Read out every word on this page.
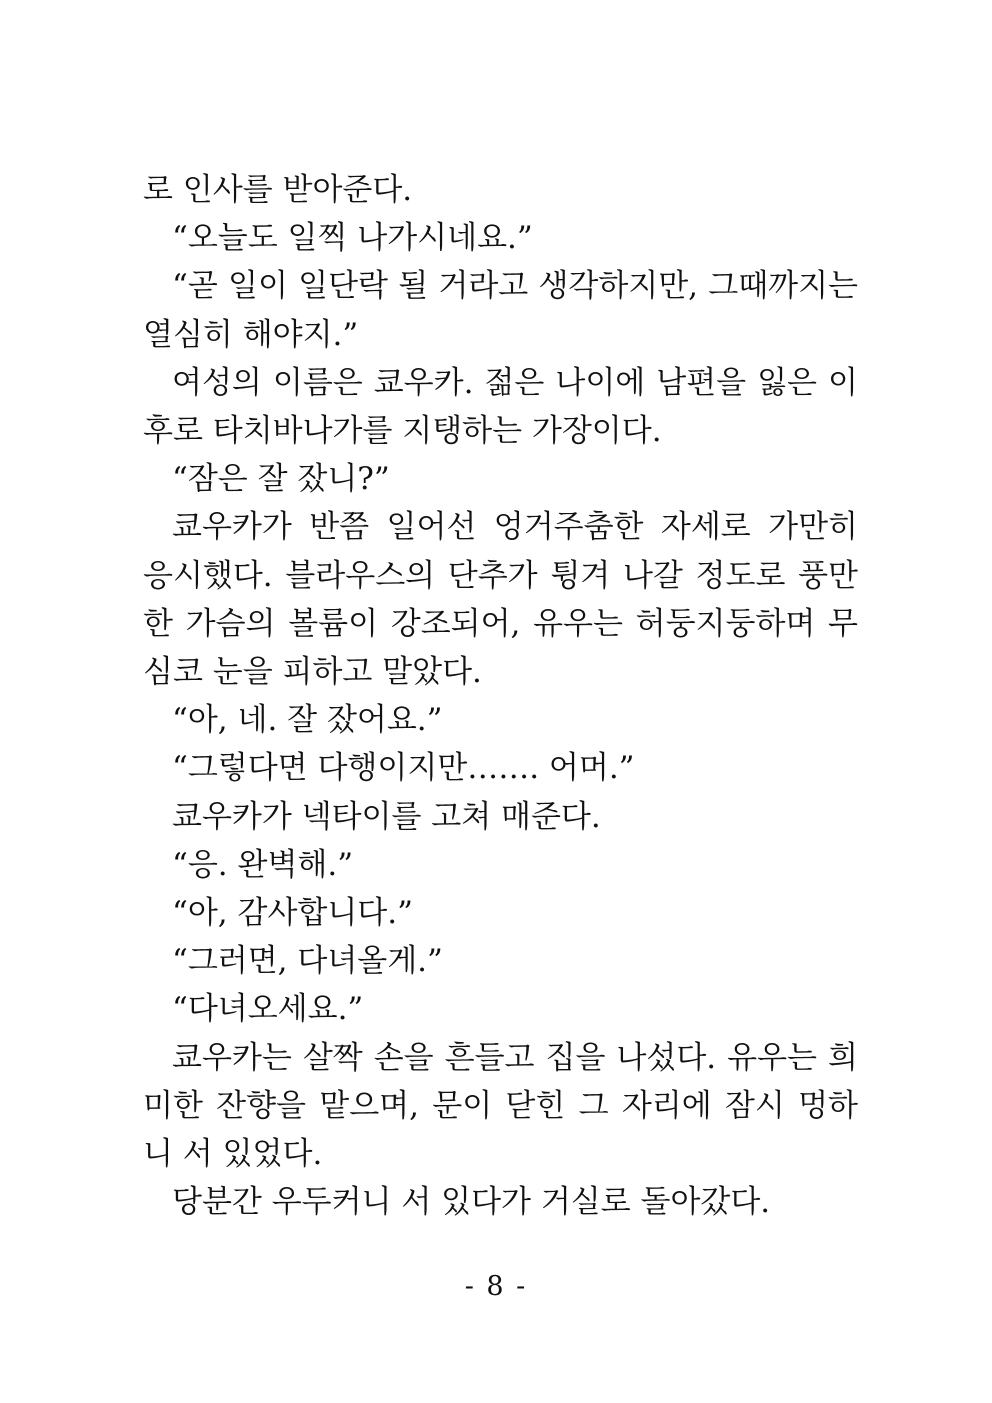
로 인사를 받아준다.

“오늘도 일찍 나가시네요.”

“곧 일이 일단락 될 거라고 생각하지만, 그때까지는 열심히 해야지.”

여성의 이름은 쿄우카. 젊은 나이에 남편을 잃은 이후로 타치바나가를 지탱하는 가장이다.

“잠은 잘 잤니?”

쿄우카가 반쯤 일어선 엉거주춤한 자세로 가만히 응시했다. 블라우스의 단추가 튕겨 나갈 정도로 풍만한 가슴의 볼륨이 강조되어, 유우는 허둥지둥하며 무심코 눈을 피하고 말았다.

“아, 네. 잘 잤어요.”

“그렇다면 다행이지만……. 어머.”

쿄우카가 넥타이를 고쳐 매준다.

“응. 완벽해.”

“아, 감사합니다.”

“그러면, 다녀올게.”

“다녀오세요.”

쿄우카는 살짝 손을 흔들고 집을 나섰다. 유우는 희미한 잔향을 맡으며, 문이 닫힌 그 자리에 잠시 멍하니 서 있었다.

당분간 우두커니 서 있다가 거실로 돌아갔다.

- 8 -
